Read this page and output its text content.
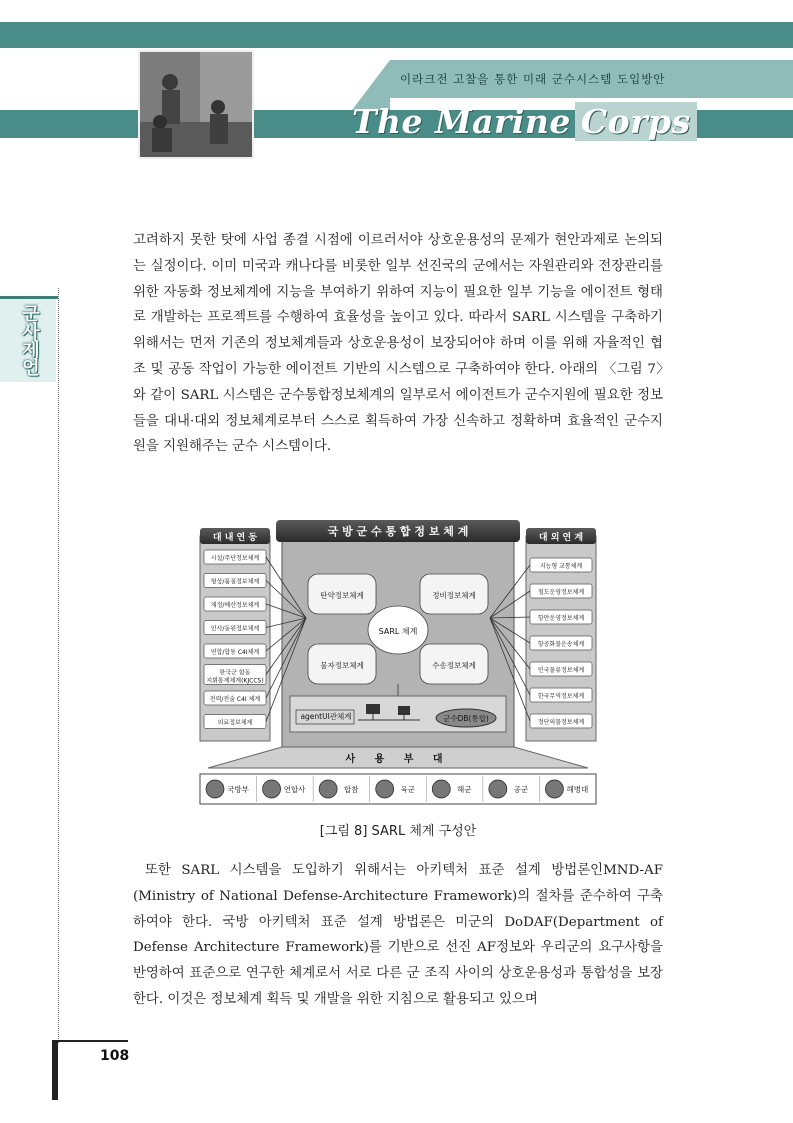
이라크전 고찰을 통한 미래 군수시스템 도입방안
The Marine Corps
군사제언
고려하지 못한 탓에 사업 종결 시점에 이르러서야 상호운용성의 문제가 현안과제로 논의되는 실정이다. 이미 미국과 캐나다를 비롯한 일부 선진국의 군에서는 자원관리와 전장관리를 위한 자동화 정보체계에 지능을 부여하기 위하여 지능이 필요한 일부 기능을 에이전트 형태로 개발하는 프로젝트를 수행하여 효율성을 높이고 있다. 따라서 SARL 시스템을 구축하기 위해서는 먼저 기존의 정보체계들과 상호운용성이 보장되어야 하며 이를 위해 자율적인 협조 및 공동 작업이 가능한 에이전트 기반의 시스템으로 구축하여야 한다. 아래의 〈그림 7〉와 같이 SARL 시스템은 군수통합정보체계의 일부로서 에이전트가 군수지원에 필요한 정보들을 대내·대외 정보체계로부터 스스로 획득하여 가장 신속하고 정확하며 효율적인 군수지원을 지원해주는 군수 시스템이다.
국 방 군 수 통 합 정 보 체 계
대 내 연 동
시설/주단정보체계
형상/품질정보체계
재정/예산정보체계
인사/동원정보체계
연합/합동 C4I체계
한국군 합동
지휘통제체계(KJCCS)
전력/전술 C4I 체계
의료정보체계
대 외 연 계
지능형 교통체계
철도운영정보체계
항만운영정보체계
항공화물운송체계
민국물류정보체계
한국무역정보체계
정단의물정보체계
탄약정보체계	정비정보체계
물자정보체계	수송정보체계
SARL 체계
agentUI관체계	군수DB(통합)
사 용 부 대
국방부	연합사	합참	육군	해군	공군	해병대
[그림 8] SARL 체계 구성안
또한 SARL 시스템을 도입하기 위해서는 아키텍처 표준 설계 방법론인MND-AF (Ministry of National Defense-Architecture Framework)의 절차를 준수하여 구축하여야 한다. 국방 아키텍처 표준 설계 방법론은 미군의 DoDAF(Department of Defense Architecture Framework)를 기반으로 선진 AF정보와 우리군의 요구사항을 반영하여 표준으로 연구한 체계로서 서로 다른 군 조직 사이의 상호운용성과 통합성을 보장한다. 이것은 정보체계 획득 및 개발을 위한 지침으로 활용되고 있으며
108
